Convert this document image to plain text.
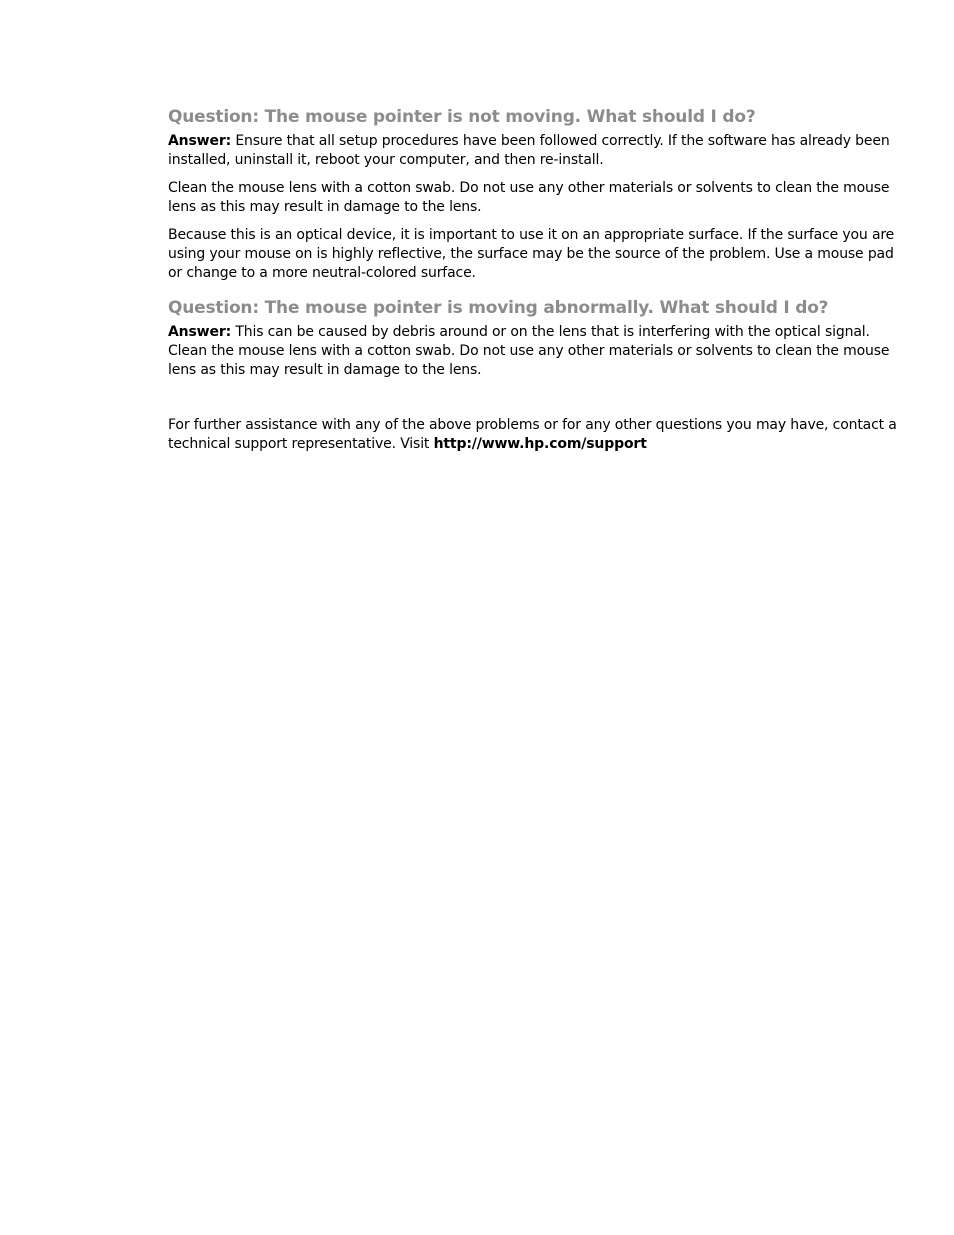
Question: The mouse pointer is not moving. What should I do?

Answer: Ensure that all setup procedures have been followed correctly. If the software has already been installed, uninstall it, reboot your computer, and then re-install.

Clean the mouse lens with a cotton swab. Do not use any other materials or solvents to clean the mouse lens as this may result in damage to the lens.

Because this is an optical device, it is important to use it on an appropriate surface. If the surface you are using your mouse on is highly reflective, the surface may be the source of the problem. Use a mouse pad or change to a more neutral-colored surface.

Question: The mouse pointer is moving abnormally. What should I do?

Answer: This can be caused by debris around or on the lens that is interfering with the optical signal. Clean the mouse lens with a cotton swab. Do not use any other materials or solvents to clean the mouse lens as this may result in damage to the lens.

For further assistance with any of the above problems or for any other questions you may have, contact a technical support representative. Visit http://www.hp.com/support
